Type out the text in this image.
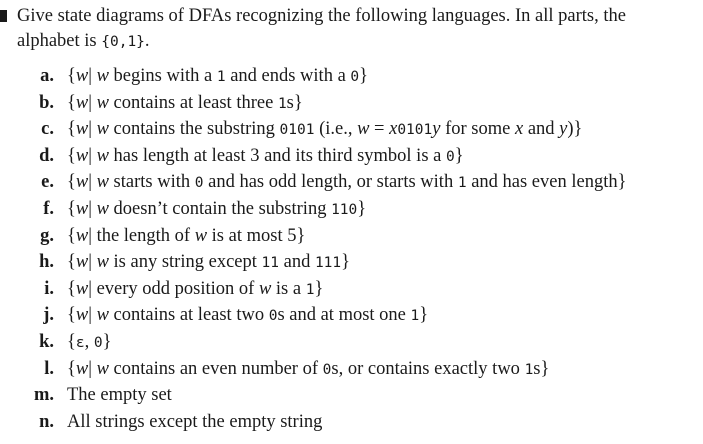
Give state diagrams of DFAs recognizing the following languages. In all parts, the
alphabet is {0,1}.
a. {w| w begins with a 1 and ends with a 0}
b. {w| w contains at least three 1s}
c. {w| w contains the substring 0101 (i.e., w = x0101y for some x and y)}
d. {w| w has length at least 3 and its third symbol is a 0}
e. {w| w starts with 0 and has odd length, or starts with 1 and has even length}
f. {w| w doesn’t contain the substring 110}
g. {w| the length of w is at most 5}
h. {w| w is any string except 11 and 111}
i. {w| every odd position of w is a 1}
j. {w| w contains at least two 0s and at most one 1}
k. {ε, 0}
l. {w| w contains an even number of 0s, or contains exactly two 1s}
m. The empty set
n. All strings except the empty string
